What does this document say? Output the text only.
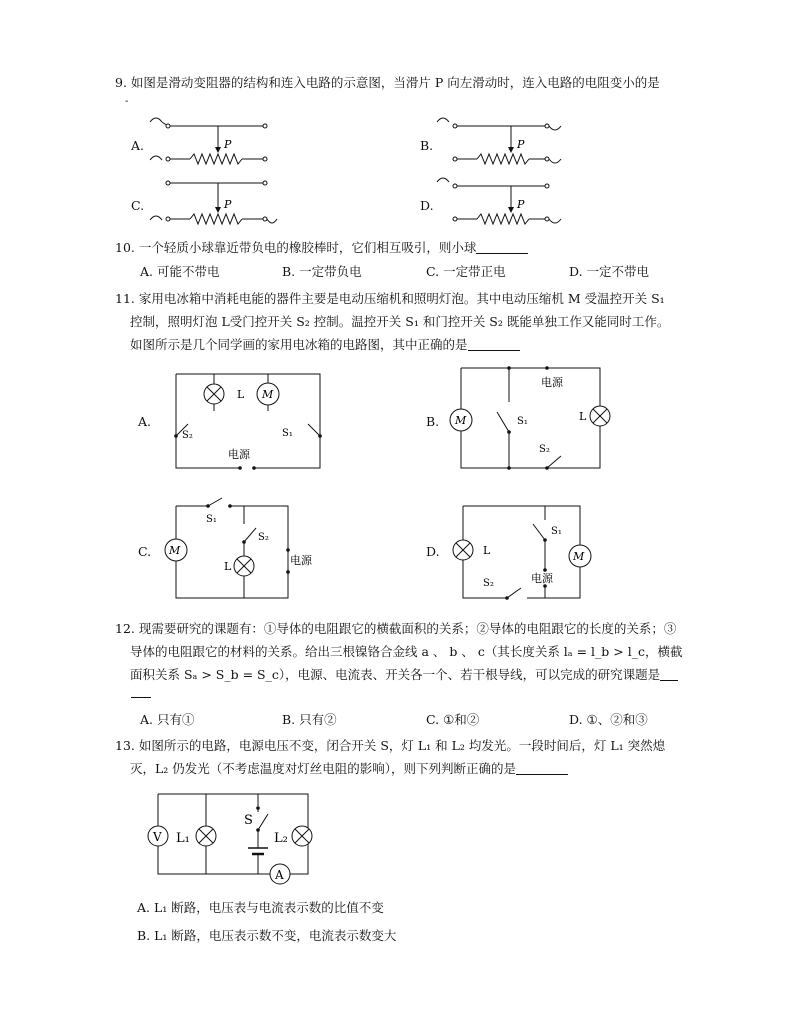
9. 如图是滑动变阻器的结构和连入电路的示意图，当滑片 P 向左滑动时，连入电路的电阻变小的是
-
A.	B.
C.	D.
P	P
P	P
10. 一个轻质小球靠近带负电的橡胶棒时，它们相互吸引，则小球
A. 可能不带电	B. 一定带负电	C. 一定带正电	D. 一定不带电
11. 家用电冰箱中消耗电能的器件主要是电动压缩机和照明灯泡。其中电动压缩机 M 受温控开关 S₁
控制，照明灯泡 L受门控开关 S₂ 控制。温控开关 S₁ 和门控开关 S₂ 既能单独工作又能同时工作。
如图所示是几个同学画的家用电冰箱的电路图，其中正确的是
A.	B.
C.	D.
电源
L M
S₂	S₁
电源
M	L
S₁
S₂
S₁
M
S₂
L	电源
L	M
S₁
电源
S₂
12. 现需要研究的课题有：①导体的电阻跟它的横截面积的关系；②导体的电阻跟它的长度的关系；③
导体的电阻跟它的材料的关系。给出三根镍铬合金线 a 、 b 、 c（其长度关系 lₐ = l_b > l_c，横截
面积关系 Sₐ > S_b = S_c），电源、电流表、开关各一个、若干根导线，可以完成的研究课题是
A. 只有①	B. 只有②	C. ①和②	D. ①、②和③
13. 如图所示的电路，电源电压不变，闭合开关 S，灯 L₁ 和 L₂ 均发光。一段时间后，灯 L₁ 突然熄
灭，L₂ 仍发光（不考虑温度对灯丝电阻的影响），则下列判断正确的是
V L₁
S
L₂
A
A. L₁ 断路，电压表与电流表示数的比值不变
B. L₁ 断路，电压表示数不变，电流表示数变大
